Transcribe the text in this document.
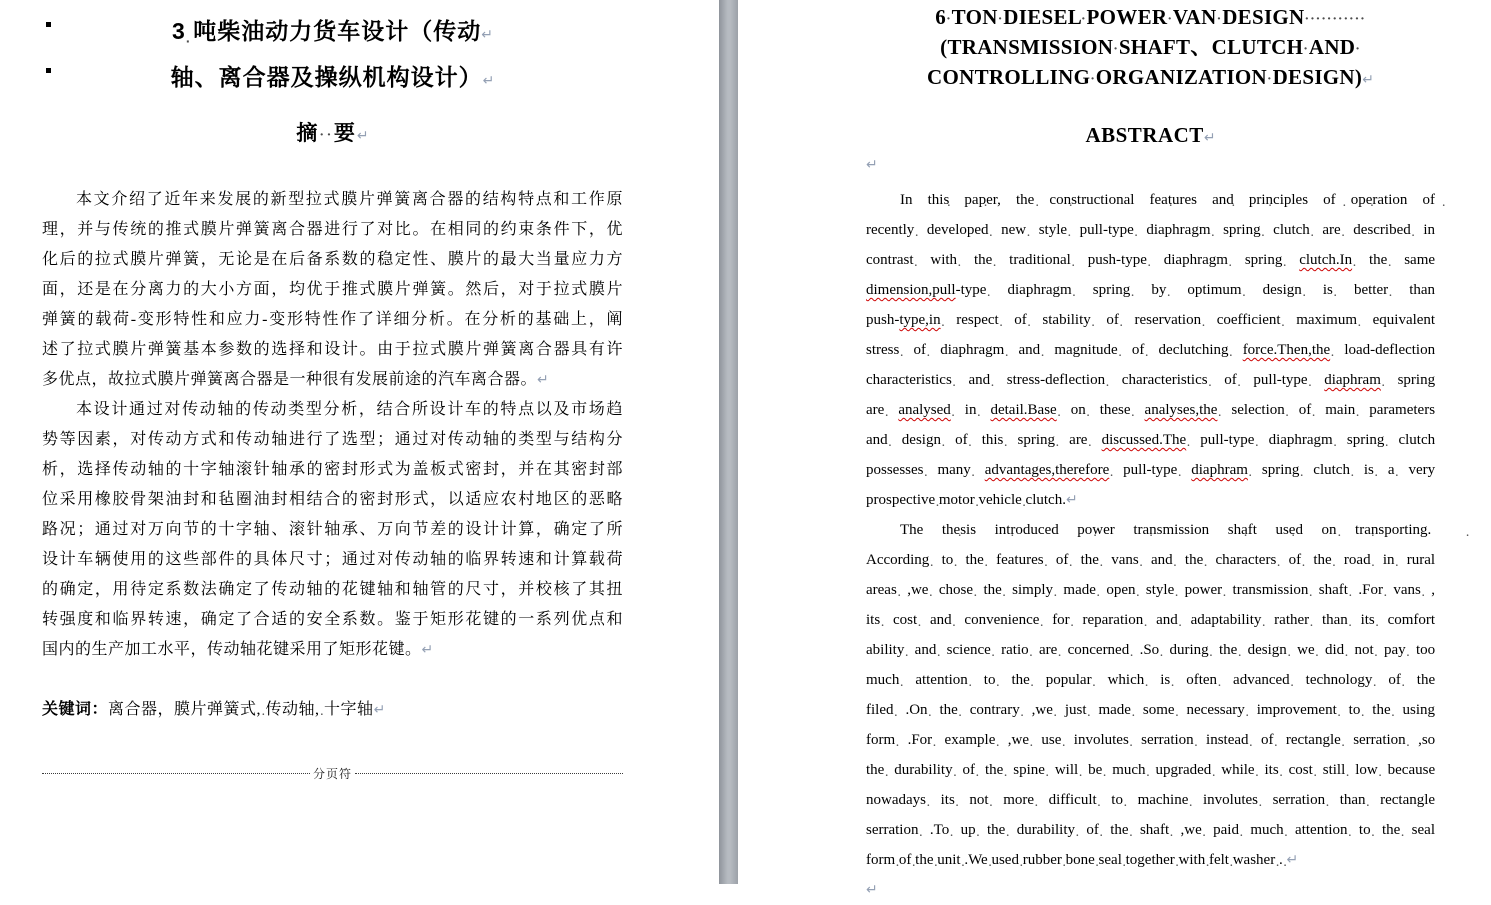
3 · 吨柴油动力货车设计（传动↵
轴、离合器及操纵机构设计）↵
摘 · · 要↵
本文介绍了近年来发展的新型拉式膜片弹簧离合器的结构特点和工作原
理，并与传统的推式膜片弹簧离合器进行了对比。在相同的约束条件下，优
化后的拉式膜片弹簧，无论是在后备系数的稳定性、膜片的最大当量应力方
面，还是在分离力的大小方面，均优于推式膜片弹簧。然后，对于拉式膜片
弹簧的载荷-变形特性和应力-变形特性作了详细分析。在分析的基础上，阐
述了拉式膜片弹簧基本参数的选择和设计。由于拉式膜片弹簧离合器具有许
多优点，故拉式膜片弹簧离合器是一种很有发展前途的汽车离合器。↵
本设计通过对传动轴的传动类型分析，结合所设计车的特点以及市场趋
势等因素，对传动方式和传动轴进行了选型；通过对传动轴的类型与结构分
析，选择传动轴的十字轴滚针轴承的密封形式为盖板式密封，并在其密封部
位采用橡胶骨架油封和毡圈油封相结合的密封形式，以适应农村地区的恶略
路况；通过对万向节的十字轴、滚针轴承、万向节差的设计计算，确定了所
设计车辆使用的这些部件的具体尺寸；通过对传动轴的临界转速和计算载荷
的确定，用待定系数法确定了传动轴的花键轴和轴管的尺寸，并校核了其扭
转强度和临界转速，确定了合适的安全系数。鉴于矩形花键的一系列优点和
国内的生产加工水平，传动轴花键采用了矩形花键。↵
关键词：离合器，膜片弹簧式, · 传动轴, · 十字轴↵
分页符
6 · TON · DIESEL · POWER · VAN  · DESIGN  ·  ·  ·  ·  ·  ·  ·  ·  ·  ·  ·
(TRANSMISSION · SHAFT、CLUTCH · AND  ·
CONTROLLING · ORGANIZATION · DESIGN)↵
ABSTRACT↵
↵
In · this · paper, · the · constructional · features · and · principles · of · operation · of
recently · developed · new · style · pull-type · diaphragm · spring  · clutch · are · described · in
contrast · with · the · traditional · push-type · diaphragm · spring  · clutch.In · the · same
dimension,pull-type · diaphragm · spring · by · optimum · design · is  · better · than
push-type,in · respect · of · stability · of · reservation · coefficient  · maximum · equivalent
stress · of · diaphragm · and · magnitude · of · declutching  · force.Then,the · load-deflection
characteristics · and · stress-deflection · characteristics · of · pull-type  · diaphram · spring
are · analysed · in · detail.Base · on · these · analyses,the · selection · of · main · parameters
and · design · of · this · spring · are · discussed.The · pull-type  · diaphragm · spring · clutch
possesses · many · advantages,therefore · pull-type · diaphram · spring  · clutch · is · a · very
prospective · motor · vehicle · clutch.↵
The · thesis · introduced · power · transmission · shaft · used  · on · transporting.  ·
According · to · the · features · of · the · vans · and · the  · characters · of · the · road · in · rural
areas · ,we · chose · the · simply · made · open · style · power  · transmission · shaft · .For · vans · ,
its · cost · and · convenience · for · reparation · and · adaptability  · rather · than · its · comfort
ability · and · science · ratio · are · concerned · .So · during · the · design · we · did · not · pay · too
much · attention · to · the · popular · which · is · often · advanced · technology · of · the
filed · .On · the · contrary · ,we · just · made · some · necessary · improvement · to · the · using
form · .For · example · ,we · use · involutes · serration · instead  · of · rectangle · serration · ,so
the · durability · of · the · spine · will · be · much · upgraded  · while · its · cost · still · low · because
nowadays · its · not · more · difficult · to · machine · involutes  · serration · than · rectangle
serration · .To · up · the · durability · of · the · shaft · ,we  · paid · much · attention · to · the · seal
form · of · the · unit · .We · used · rubber · bone · seal  · together · with · felt · washer · . · ↵
↵
